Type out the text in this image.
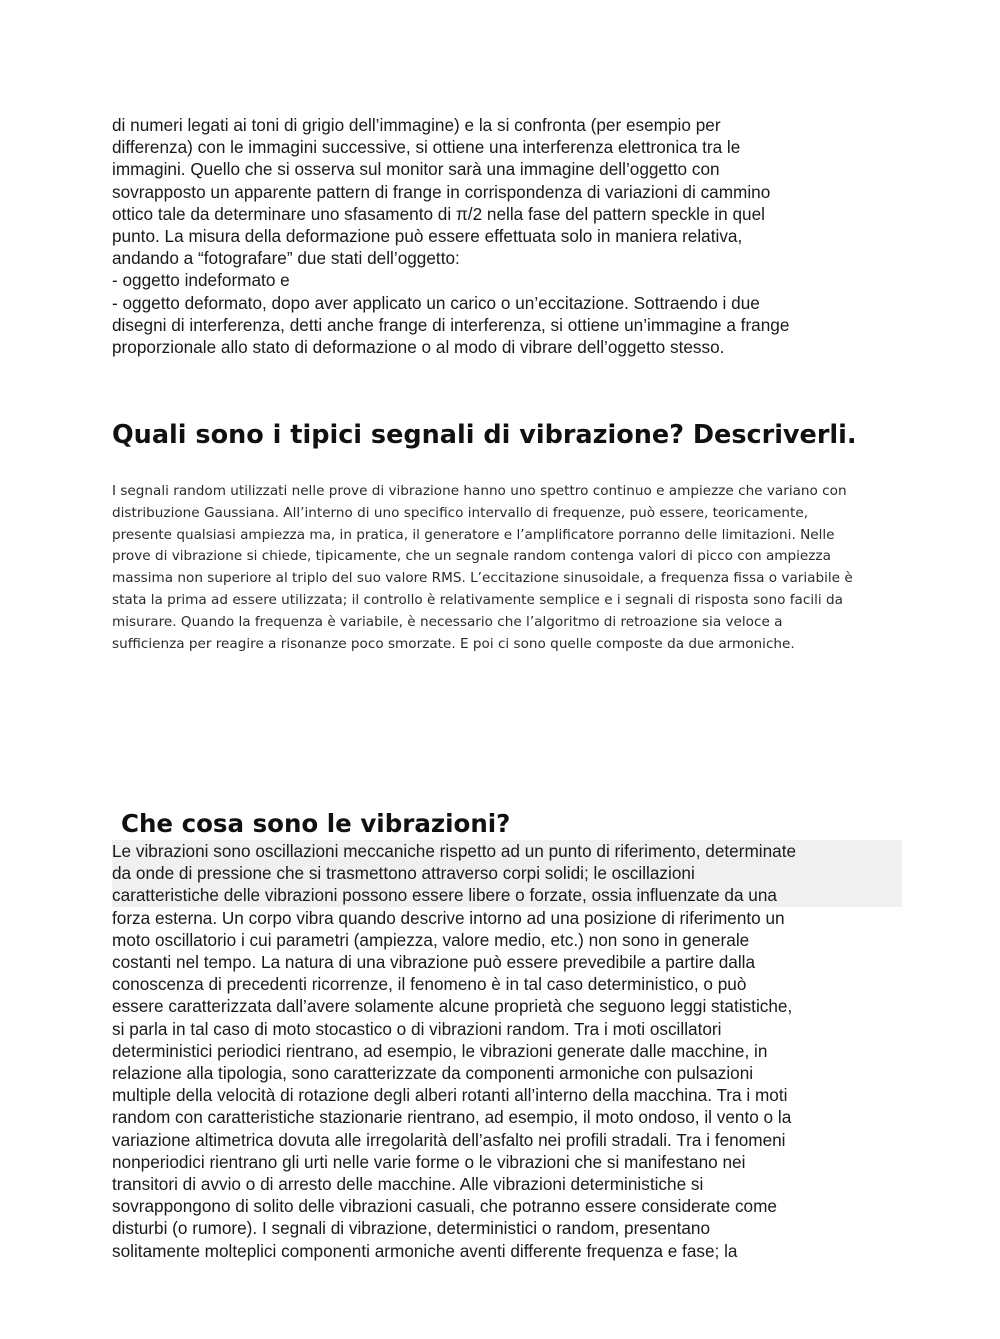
di numeri legati ai toni di grigio dell’immagine) e la si confronta (per esempio per
differenza) con le immagini successive, si ottiene una interferenza elettronica tra le
immagini. Quello che si osserva sul monitor sarà una immagine dell’oggetto con
sovrapposto un apparente pattern di frange in corrispondenza di variazioni di cammino
ottico tale da determinare uno sfasamento di π/2 nella fase del pattern speckle in quel
punto. La misura della deformazione può essere effettuata solo in maniera relativa,
andando a “fotografare” due stati dell’oggetto:
- oggetto indeformato e
- oggetto deformato, dopo aver applicato un carico o un’eccitazione. Sottraendo i due
disegni di interferenza, detti anche frange di interferenza, si ottiene un’immagine a frange
proporzionale allo stato di deformazione o al modo di vibrare dell’oggetto stesso.
Quali sono i tipici segnali di vibrazione? Descriverli.
I segnali random utilizzati nelle prove di vibrazione hanno uno spettro continuo e ampiezze che variano con
distribuzione Gaussiana. All’interno di uno specifico intervallo di frequenze, può essere, teoricamente,
presente qualsiasi ampiezza ma, in pratica, il generatore e l’amplificatore porranno delle limitazioni. Nelle
prove di vibrazione si chiede, tipicamente, che un segnale random contenga valori di picco con ampiezza
massima non superiore al triplo del suo valore RMS. L’eccitazione sinusoidale, a frequenza fissa o variabile è
stata la prima ad essere utilizzata; il controllo è relativamente semplice e i segnali di risposta sono facili da
misurare. Quando la frequenza è variabile, è necessario che l’algoritmo di retroazione sia veloce a
sufficienza per reagire a risonanze poco smorzate. E poi ci sono quelle composte da due armoniche.
Che cosa sono le vibrazioni?
Le vibrazioni sono oscillazioni meccaniche rispetto ad un punto di riferimento, determinate
da onde di pressione che si trasmettono attraverso corpi solidi; le oscillazioni
caratteristiche delle vibrazioni possono essere libere o forzate, ossia influenzate da una
forza esterna. Un corpo vibra quando descrive intorno ad una posizione di riferimento un
moto oscillatorio i cui parametri (ampiezza, valore medio, etc.) non sono in generale
costanti nel tempo. La natura di una vibrazione può essere prevedibile a partire dalla
conoscenza di precedenti ricorrenze, il fenomeno è in tal caso deterministico, o può
essere caratterizzata dall’avere solamente alcune proprietà che seguono leggi statistiche,
si parla in tal caso di moto stocastico o di vibrazioni random. Tra i moti oscillatori
deterministici periodici rientrano, ad esempio, le vibrazioni generate dalle macchine, in
relazione alla tipologia, sono caratterizzate da componenti armoniche con pulsazioni
multiple della velocità di rotazione degli alberi rotanti all’interno della macchina. Tra i moti
random con caratteristiche stazionarie rientrano, ad esempio, il moto ondoso, il vento o la
variazione altimetrica dovuta alle irregolarità dell’asfalto nei profili stradali. Tra i fenomeni
nonperiodici rientrano gli urti nelle varie forme o le vibrazioni che si manifestano nei
transitori di avvio o di arresto delle macchine. Alle vibrazioni deterministiche si
sovrappongono di solito delle vibrazioni casuali, che potranno essere considerate come
disturbi (o rumore). I segnali di vibrazione, deterministici o random, presentano
solitamente molteplici componenti armoniche aventi differente frequenza e fase; la
